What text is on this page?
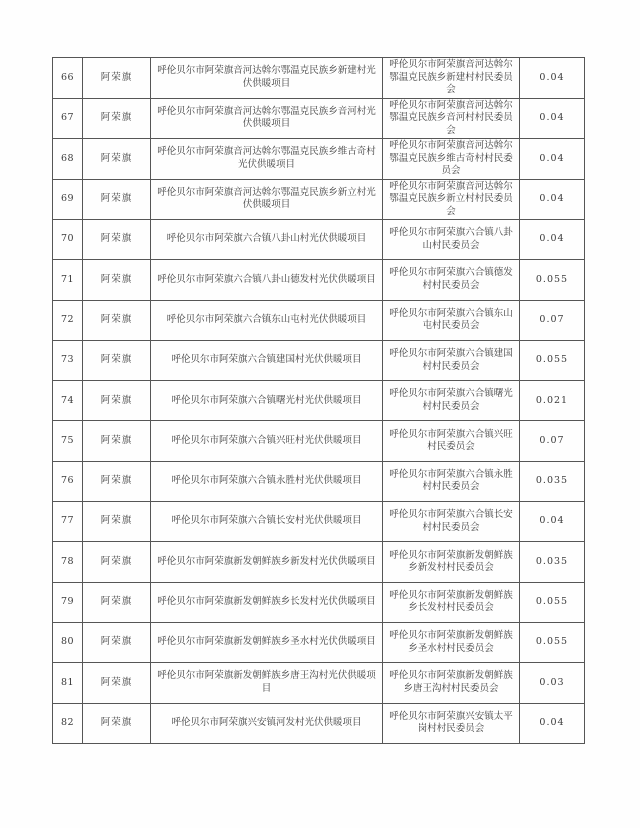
66	阿荣旗	呼伦贝尔市阿荣旗音河达斡尔鄂温克民族乡新建村光伏供暖项目	呼伦贝尔市阿荣旗音河达斡尔鄂温克民族乡新建村村民委员会	0.04
67	阿荣旗	呼伦贝尔市阿荣旗音河达斡尔鄂温克民族乡音河村光伏供暖项目	呼伦贝尔市阿荣旗音河达斡尔鄂温克民族乡音河村村民委员会	0.04
68	阿荣旗	呼伦贝尔市阿荣旗音河达斡尔鄂温克民族乡维古奇村光伏供暖项目	呼伦贝尔市阿荣旗音河达斡尔鄂温克民族乡维古奇村村民委员会	0.04
69	阿荣旗	呼伦贝尔市阿荣旗音河达斡尔鄂温克民族乡新立村光伏供暖项目	呼伦贝尔市阿荣旗音河达斡尔鄂温克民族乡新立村村民委员会	0.04
70	阿荣旗	呼伦贝尔市阿荣旗六合镇八卦山村光伏供暖项目	呼伦贝尔市阿荣旗六合镇八卦山村民委员会	0.04
71	阿荣旗	呼伦贝尔市阿荣旗六合镇八卦山德发村光伏供暖项目	呼伦贝尔市阿荣旗六合镇德发村村民委员会	0.055
72	阿荣旗	呼伦贝尔市阿荣旗六合镇东山屯村光伏供暖项目	呼伦贝尔市阿荣旗六合镇东山屯村民委员会	0.07
73	阿荣旗	呼伦贝尔市阿荣旗六合镇建国村光伏供暖项目	呼伦贝尔市阿荣旗六合镇建国村村民委员会	0.055
74	阿荣旗	呼伦贝尔市阿荣旗六合镇曙光村光伏供暖项目	呼伦贝尔市阿荣旗六合镇曙光村村民委员会	0.021
75	阿荣旗	呼伦贝尔市阿荣旗六合镇兴旺村光伏供暖项目	呼伦贝尔市阿荣旗六合镇兴旺村民委员会	0.07
76	阿荣旗	呼伦贝尔市阿荣旗六合镇永胜村光伏供暖项目	呼伦贝尔市阿荣旗六合镇永胜村村民委员会	0.035
77	阿荣旗	呼伦贝尔市阿荣旗六合镇长安村光伏供暖项目	呼伦贝尔市阿荣旗六合镇长安村村民委员会	0.04
78	阿荣旗	呼伦贝尔市阿荣旗新发朝鲜族乡新发村光伏供暖项目	呼伦贝尔市阿荣旗新发朝鲜族乡新发村村民委员会	0.035
79	阿荣旗	呼伦贝尔市阿荣旗新发朝鲜族乡长发村光伏供暖项目	呼伦贝尔市阿荣旗新发朝鲜族乡长发村村民委员会	0.055
80	阿荣旗	呼伦贝尔市阿荣旗新发朝鲜族乡圣水村光伏供暖项目	呼伦贝尔市阿荣旗新发朝鲜族乡圣水村村民委员会	0.055
81	阿荣旗	呼伦贝尔市阿荣旗新发朝鲜族乡唐王沟村光伏供暖项目	呼伦贝尔市阿荣旗新发朝鲜族乡唐王沟村村民委员会	0.03
82	阿荣旗	呼伦贝尔市阿荣旗兴安镇河发村光伏供暖项目	呼伦贝尔市阿荣旗兴安镇太平岗村村民委员会	0.04
